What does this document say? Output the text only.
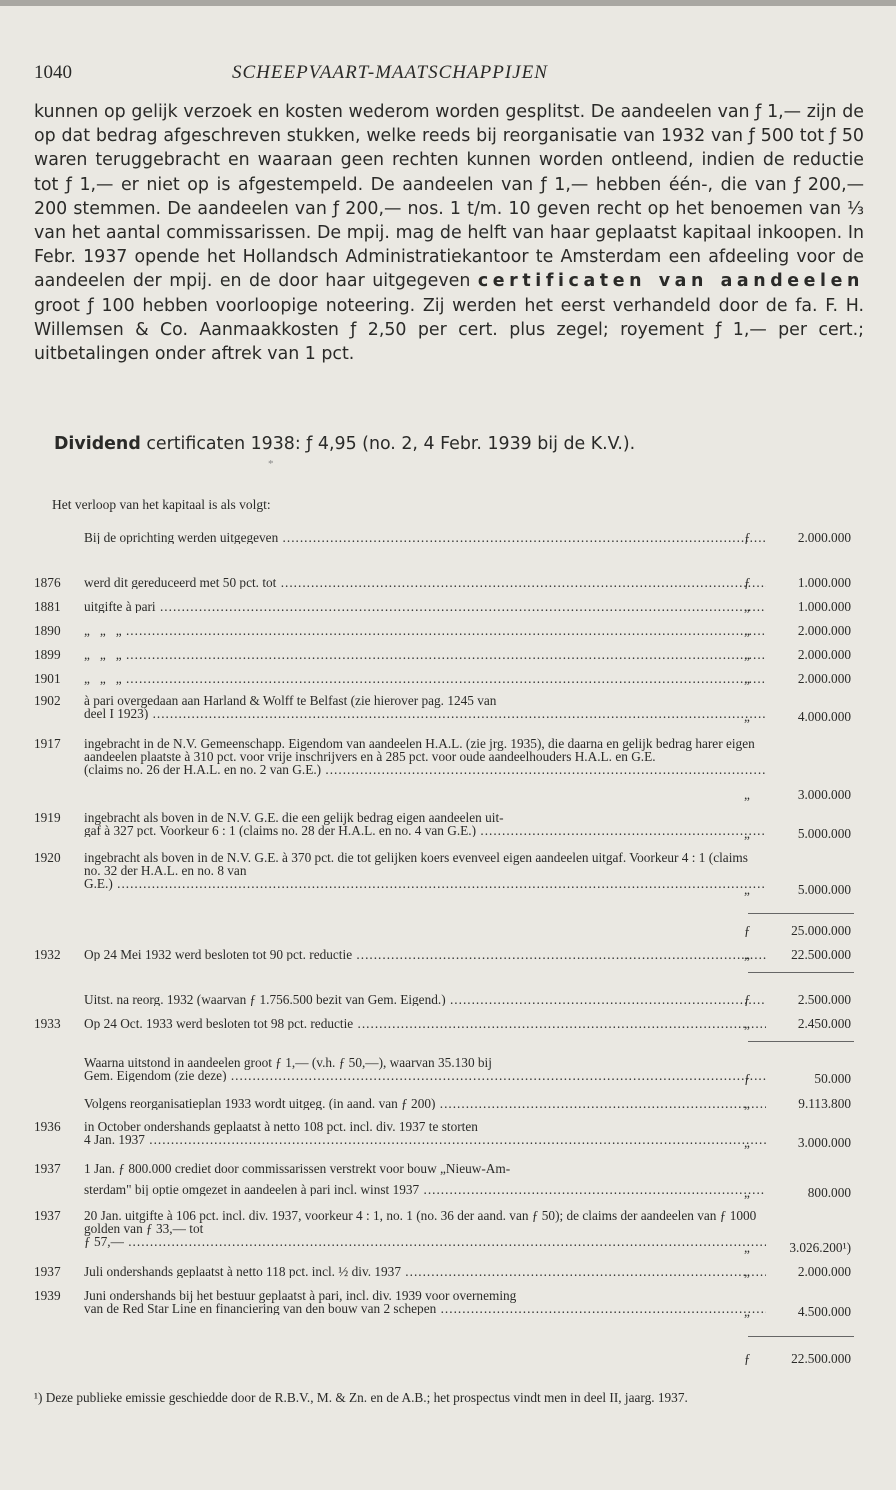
1040	SCHEEPVAART-MAATSCHAPPIJEN
kunnen op gelijk verzoek en kosten wederom worden gesplitst. De aandeelen van ƒ 1,— zijn de op dat bedrag afgeschreven stukken, welke reeds bij reorganisatie van 1932 van ƒ 500 tot ƒ 50 waren teruggebracht en waaraan geen rechten kunnen worden ontleend, indien de reductie tot ƒ 1,— er niet op is afgestempeld. De aandeelen van ƒ 1,— hebben één-, die van ƒ 200,— 200 stemmen. De aandeelen van ƒ 200,— nos. 1 t/m. 10 geven recht op het benoemen van ⅓ van het aantal commissarissen. De mpij. mag de helft van haar geplaatst kapitaal inkoopen. In Febr. 1937 opende het Hollandsch Administratiekantoor te Amsterdam een afdeeling voor de aandeelen der mpij. en de door haar uitgegeven certificaten van aandeelen groot ƒ 100 hebben voorloopige noteering. Zij werden het eerst verhandeld door de fa. F. H. Willemsen & Co. Aanmaakkosten ƒ 2,50 per cert. plus zegel; royement ƒ 1,— per cert.; uitbetalingen onder aftrek van 1 pct.
Dividend certificaten 1938: ƒ 4,95 (no. 2, 4 Febr. 1939 bij de K.V.).
*
Het verloop van het kapitaal is als volgt:
Bij de oprichting werden uitgegeven .....	ƒ	2.000.000
1876	werd dit gereduceerd met 50 pct. tot .....	ƒ	1.000.000
1881	uitgifte à pari .....	„	1.000.000
1890	„   „   „ .....	„	2.000.000
1899	„   „   „ .....	„	2.000.000
1901	„   „   „ .....	„	2.000.000
1902	à pari overgedaan aan Harland & Wolff te Belfast (zie hierover pag. 1245 van
deel I 1923) .....	„	4.000.000
1917	ingebracht in de N.V. Gemeenschapp. Eigendom van aandeelen H.A.L. (zie jrg. 1935), die daarna en gelijk bedrag harer eigen aandeelen plaatste à 310 pct. voor vrije inschrijvers en à 285 pct. voor oude aandeelhouders H.A.L. en G.E.
(claims no. 26 der H.A.L. en no. 2 van G.E.) .....
„	3.000.000
1919	ingebracht als boven in de N.V. G.E. die een gelijk bedrag eigen aandeelen uit-
gaf à 327 pct. Voorkeur 6 : 1 (claims no. 28 der H.A.L. en no. 4 van G.E.) .....	„	5.000.000
1920	ingebracht als boven in de N.V. G.E. à 370 pct. die tot gelijken koers evenveel eigen aandeelen uitgaf. Voorkeur 4 : 1 (claims no. 32 der H.A.L. en no. 8 van
G.E.) .....	„	5.000.000
ƒ	25.000.000
1932	Op 24 Mei 1932 werd besloten tot 90 pct. reductie .....	„	22.500.000
Uitst. na reorg. 1932 (waarvan ƒ 1.756.500 bezit van Gem. Eigend.) .....	ƒ	2.500.000
1933	Op 24 Oct. 1933 werd besloten tot 98 pct. reductie .....	„	2.450.000
Waarna uitstond in aandeelen groot ƒ 1,— (v.h. ƒ 50,—), waarvan 35.130 bij
Gem. Eigendom (zie deze) .....	ƒ	50.000
Volgens reorganisatieplan 1933 wordt uitgeg. (in aand. van ƒ 200) .....	„	9.113.800
1936	in October ondershands geplaatst à netto 108 pct. incl. div. 1937 te storten
4 Jan. 1937 .....	„	3.000.000
1937	1 Jan. ƒ 800.000 crediet door commissarissen verstrekt voor bouw „Nieuw-Am-
sterdam" bij optie omgezet in aandeelen à pari incl. winst 1937 .....	„	800.000
1937	20 Jan. uitgifte à 106 pct. incl. div. 1937, voorkeur 4 : 1, no. 1 (no. 36 der aand. van ƒ 50); de claims der aandeelen van ƒ 1000 golden van ƒ 33,— tot
ƒ 57,— .....	„	3.026.200¹)
1937	Juli ondershands geplaatst à netto 118 pct. incl. ½ div. 1937 .....	„	2.000.000
1939	Juni ondershands bij het bestuur geplaatst à pari, incl. div. 1939 voor overneming
van de Red Star Line en financiering van den bouw van 2 schepen .....	„	4.500.000
ƒ	22.500.000
¹) Deze publieke emissie geschiedde door de R.B.V., M. & Zn. en de A.B.; het prospectus vindt men in deel II, jaarg. 1937.
